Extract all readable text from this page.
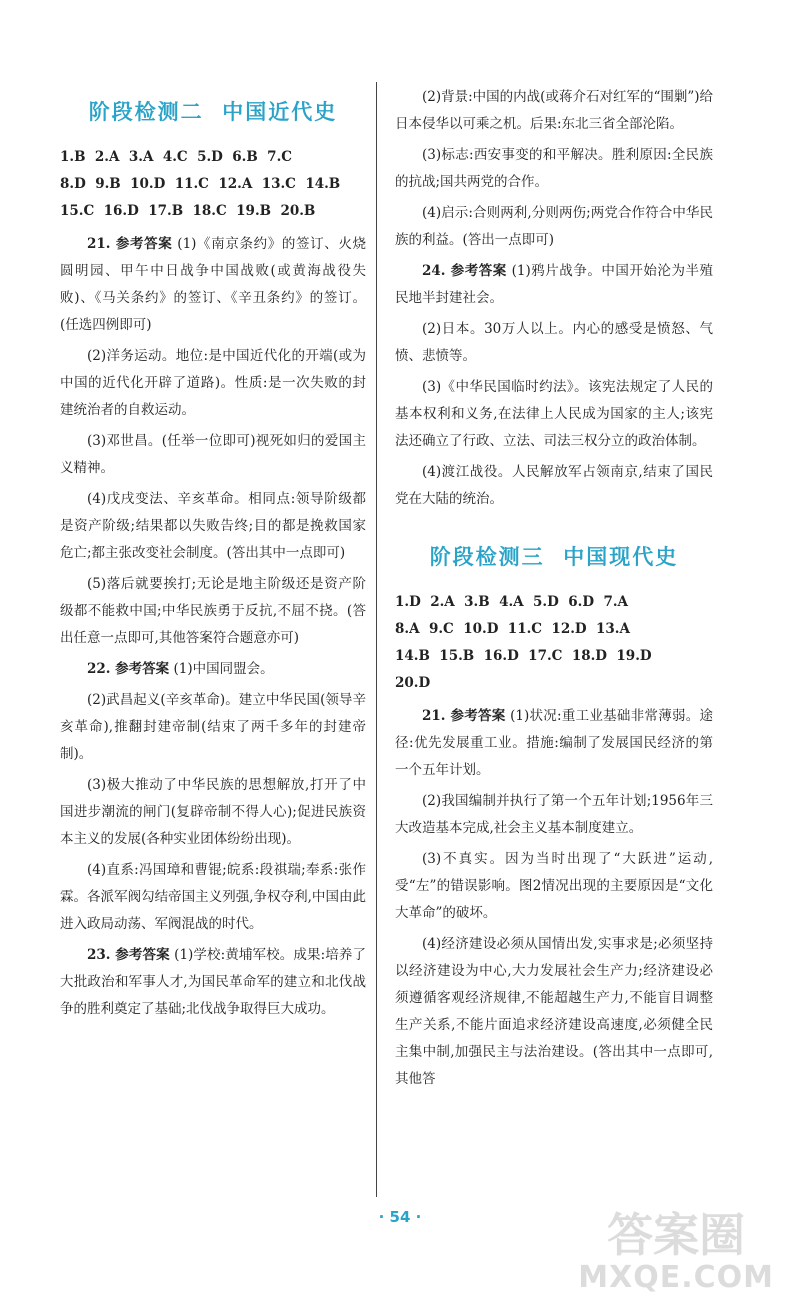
阶段检测二  中国近代史

1.B  2.A  3.A  4.C  5.D  6.B  7.C

8.D  9.B  10.D  11.C  12.A  13.C  14.B

15.C  16.D  17.B  18.C  19.B  20.B

21. 参考答案 (1)《南京条约》的签订、火烧圆明园、甲午中日战争中国战败(或黄海战役失败)、《马关条约》的签订、《辛丑条约》的签订。(任选四例即可)

(2)洋务运动。地位:是中国近代化的开端(或为中国的近代化开辟了道路)。性质:是一次失败的封建统治者的自救运动。

(3)邓世昌。(任举一位即可)视死如归的爱国主义精神。

(4)戊戌变法、辛亥革命。相同点:领导阶级都是资产阶级;结果都以失败告终;目的都是挽救国家危亡;都主张改变社会制度。(答出其中一点即可)

(5)落后就要挨打;无论是地主阶级还是资产阶级都不能救中国;中华民族勇于反抗,不屈不挠。(答出任意一点即可,其他答案符合题意亦可)

22. 参考答案 (1)中国同盟会。

(2)武昌起义(辛亥革命)。建立中华民国(领导辛亥革命),推翻封建帝制(结束了两千多年的封建帝制)。

(3)极大推动了中华民族的思想解放,打开了中国进步潮流的闸门(复辟帝制不得人心);促进民族资本主义的发展(各种实业团体纷纷出现)。

(4)直系:冯国璋和曹锟;皖系:段祺瑞;奉系:张作霖。各派军阀勾结帝国主义列强,争权夺利,中国由此进入政局动荡、军阀混战的时代。

23. 参考答案 (1)学校:黄埔军校。成果:培养了大批政治和军事人才,为国民革命军的建立和北伐战争的胜利奠定了基础;北伐战争取得巨大成功。

(2)背景:中国的内战(或蒋介石对红军的“围剿”)给日本侵华以可乘之机。后果:东北三省全部沦陷。

(3)标志:西安事变的和平解决。胜利原因:全民族的抗战;国共两党的合作。

(4)启示:合则两利,分则两伤;两党合作符合中华民族的利益。(答出一点即可)

24. 参考答案 (1)鸦片战争。中国开始沦为半殖民地半封建社会。

(2)日本。30万人以上。内心的感受是愤怒、气愤、悲愤等。

(3)《中华民国临时约法》。该宪法规定了人民的基本权利和义务,在法律上人民成为国家的主人;该宪法还确立了行政、立法、司法三权分立的政治体制。

(4)渡江战役。人民解放军占领南京,结束了国民党在大陆的统治。

阶段检测三  中国现代史

1.D  2.A  3.B  4.A  5.D  6.D  7.A

8.A  9.C  10.D  11.C  12.D  13.A

14.B  15.B  16.D  17.C  18.D  19.D

20.D

21. 参考答案 (1)状况:重工业基础非常薄弱。途径:优先发展重工业。措施:编制了发展国民经济的第一个五年计划。

(2)我国编制并执行了第一个五年计划;1956年三大改造基本完成,社会主义基本制度建立。

(3)不真实。因为当时出现了“大跃进”运动,受“左”的错误影响。图2情况出现的主要原因是“文化大革命”的破坏。

(4)经济建设必须从国情出发,实事求是;必须坚持以经济建设为中心,大力发展社会生产力;经济建设必须遵循客观经济规律,不能超越生产力,不能盲目调整生产关系,不能片面追求经济建设高速度,必须健全民主集中制,加强民主与法治建设。(答出其中一点即可,其他答

· 54 ·	答案圈
MXQE.COM
